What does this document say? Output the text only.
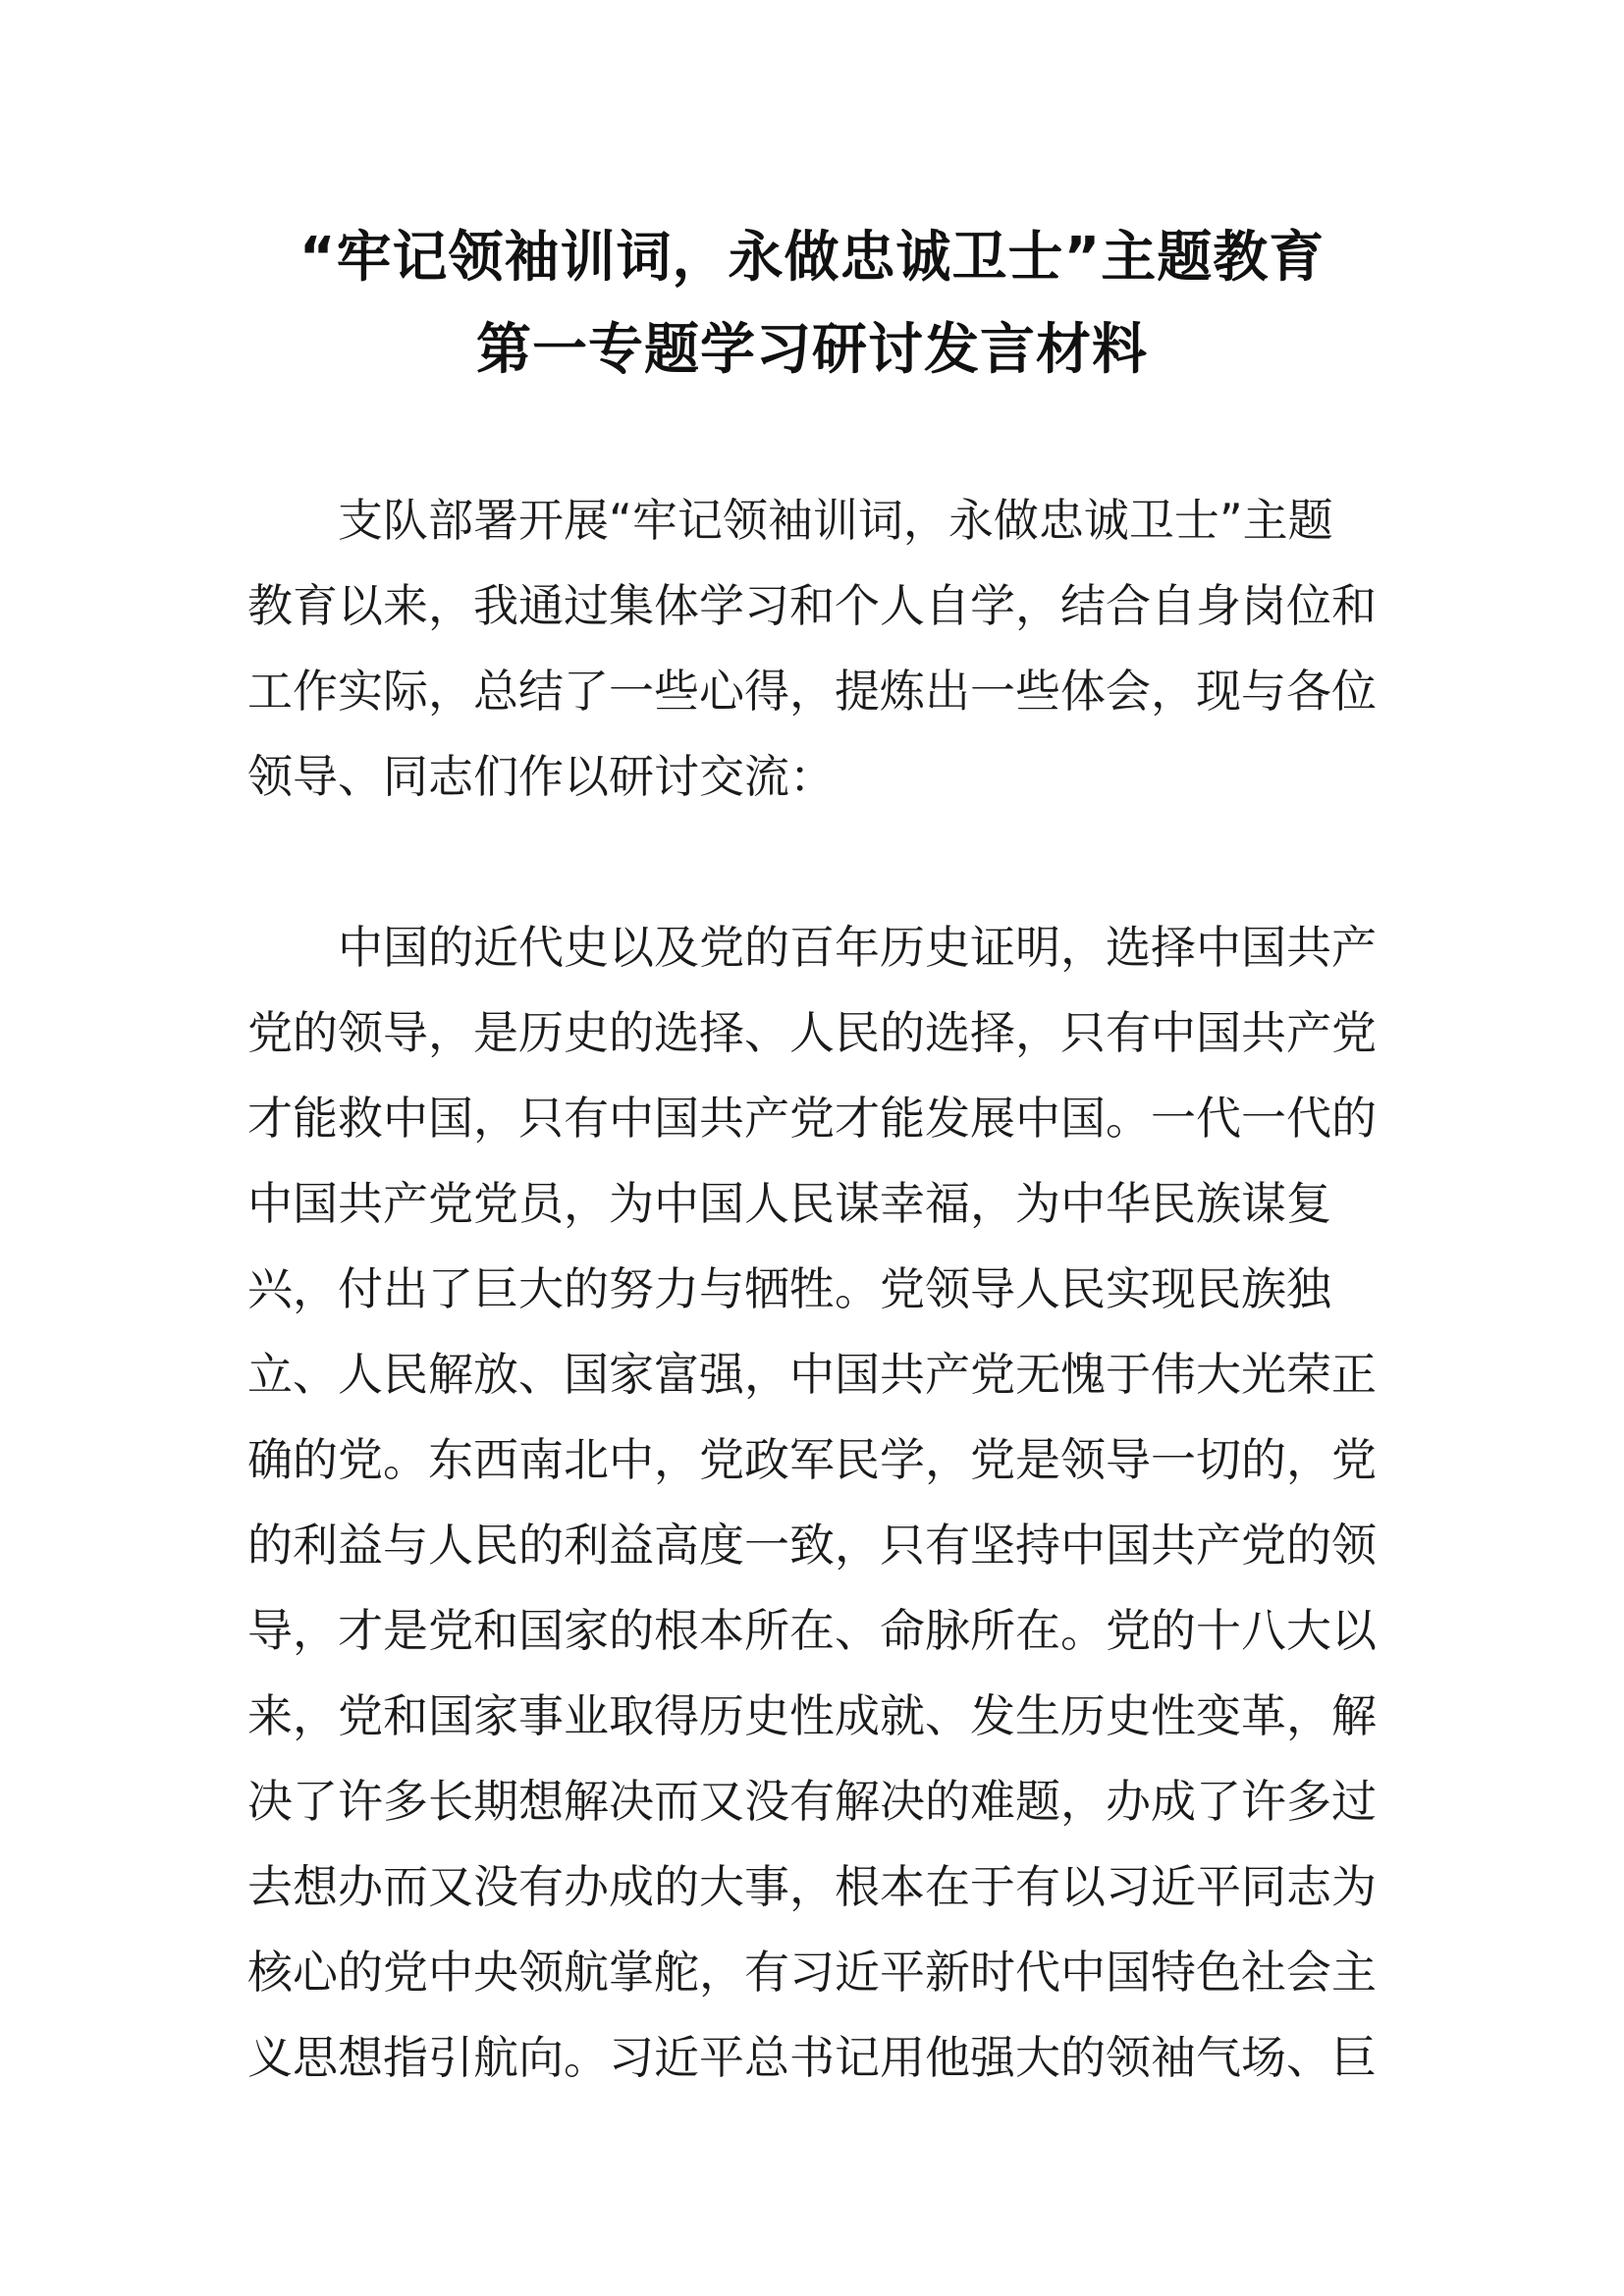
“牢记领袖训词，永做忠诚卫士”主题教育
第一专题学习研讨发言材料
支队部署开展“牢记领袖训词，永做忠诚卫士”主题
教育以来，我通过集体学习和个人自学，结合自身岗位和
工作实际，总结了一些心得，提炼出一些体会，现与各位
领导、同志们作以研讨交流：
中国的近代史以及党的百年历史证明，选择中国共产
党的领导，是历史的选择、人民的选择，只有中国共产党
才能救中国，只有中国共产党才能发展中国。一代一代的
中国共产党党员，为中国人民谋幸福，为中华民族谋复
兴，付出了巨大的努力与牺牲。党领导人民实现民族独
立、人民解放、国家富强，中国共产党无愧于伟大光荣正
确的党。东西南北中，党政军民学，党是领导一切的，党
的利益与人民的利益高度一致，只有坚持中国共产党的领
导，才是党和国家的根本所在、命脉所在。党的十八大以
来，党和国家事业取得历史性成就、发生历史性变革，解
决了许多长期想解决而又没有解决的难题，办成了许多过
去想办而又没有办成的大事，根本在于有以习近平同志为
核心的党中央领航掌舵，有习近平新时代中国特色社会主
义思想指引航向。习近平总书记用他强大的领袖气场、巨
